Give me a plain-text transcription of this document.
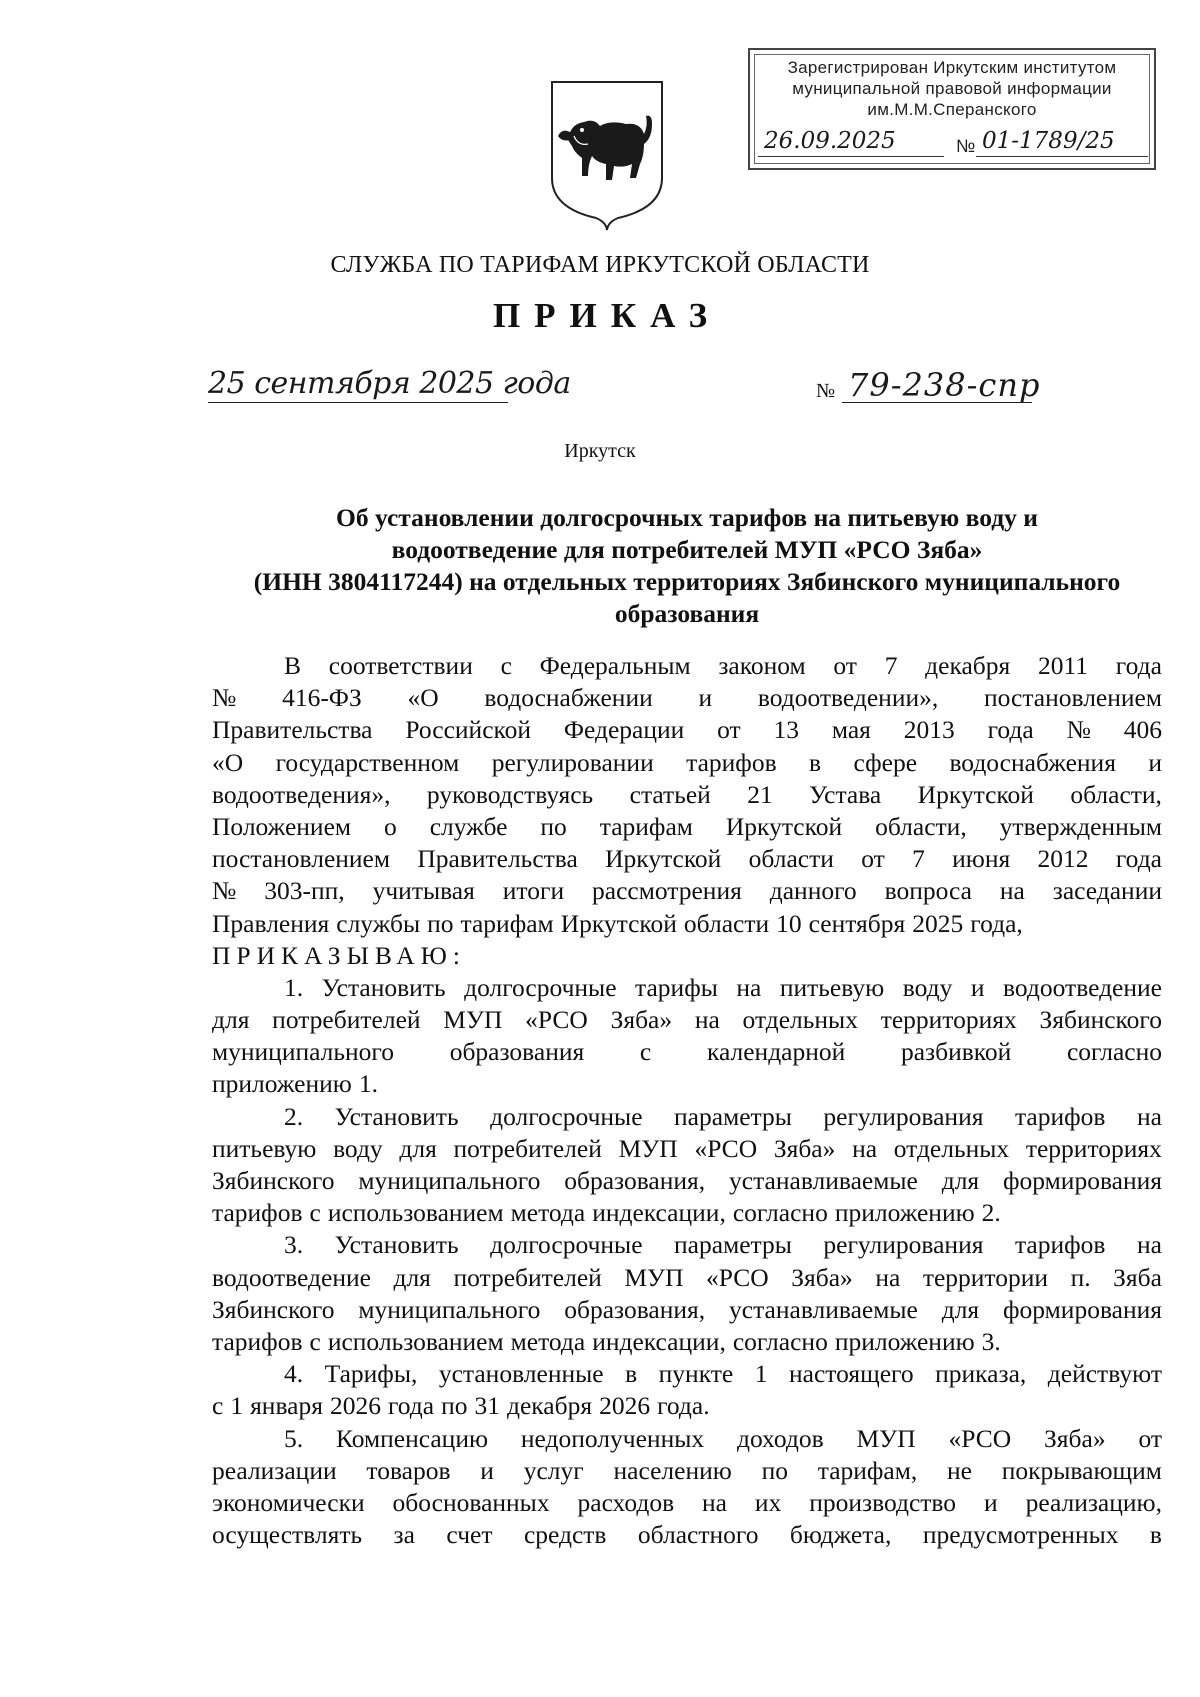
Зарегистрирован Иркутским институтом
муниципальной правовой информации
им.М.М.Сперанского
26.09.2025	№ 01-1789/25
СЛУЖБА ПО ТАРИФАМ ИРКУТСКОЙ ОБЛАСТИ
ПРИКАЗ
25 сентября 2025 года	№ 79-238-спр
Иркутск
Об установлении долгосрочных тарифов на питьевую воду и
водоотведение для потребителей МУП «РСО Зяба»
(ИНН 3804117244) на отдельных территориях Зябинского муниципального
образования
В соответствии с Федеральным законом от 7 декабря 2011 года
№ 416-ФЗ «О водоснабжении и водоотведении», постановлением
Правительства Российской Федерации от 13 мая 2013 года № 406
«О государственном регулировании тарифов в сфере водоснабжения и
водоотведения», руководствуясь статьей 21 Устава Иркутской области,
Положением о службе по тарифам Иркутской области, утвержденным
постановлением Правительства Иркутской области от 7 июня 2012 года
№ 303-пп, учитывая итоги рассмотрения данного вопроса на заседании
Правления службы по тарифам Иркутской области 10 сентября 2025 года,
ПРИКАЗЫВАЮ:
1. Установить долгосрочные тарифы на питьевую воду и водоотведение
для потребителей МУП «РСО Зяба» на отдельных территориях Зябинского
муниципального образования с календарной разбивкой согласно
приложению 1.
2. Установить долгосрочные параметры регулирования тарифов на
питьевую воду для потребителей МУП «РСО Зяба» на отдельных территориях
Зябинского муниципального образования, устанавливаемые для формирования
тарифов с использованием метода индексации, согласно приложению 2.
3. Установить долгосрочные параметры регулирования тарифов на
водоотведение для потребителей МУП «РСО Зяба» на территории п. Зяба
Зябинского муниципального образования, устанавливаемые для формирования
тарифов с использованием метода индексации, согласно приложению 3.
4. Тарифы, установленные в пункте 1 настоящего приказа, действуют
с 1 января 2026 года по 31 декабря 2026 года.
5. Компенсацию недополученных доходов МУП «РСО Зяба» от
реализации товаров и услуг населению по тарифам, не покрывающим
экономически обоснованных расходов на их производство и реализацию,
осуществлять за счет средств областного бюджета, предусмотренных в
